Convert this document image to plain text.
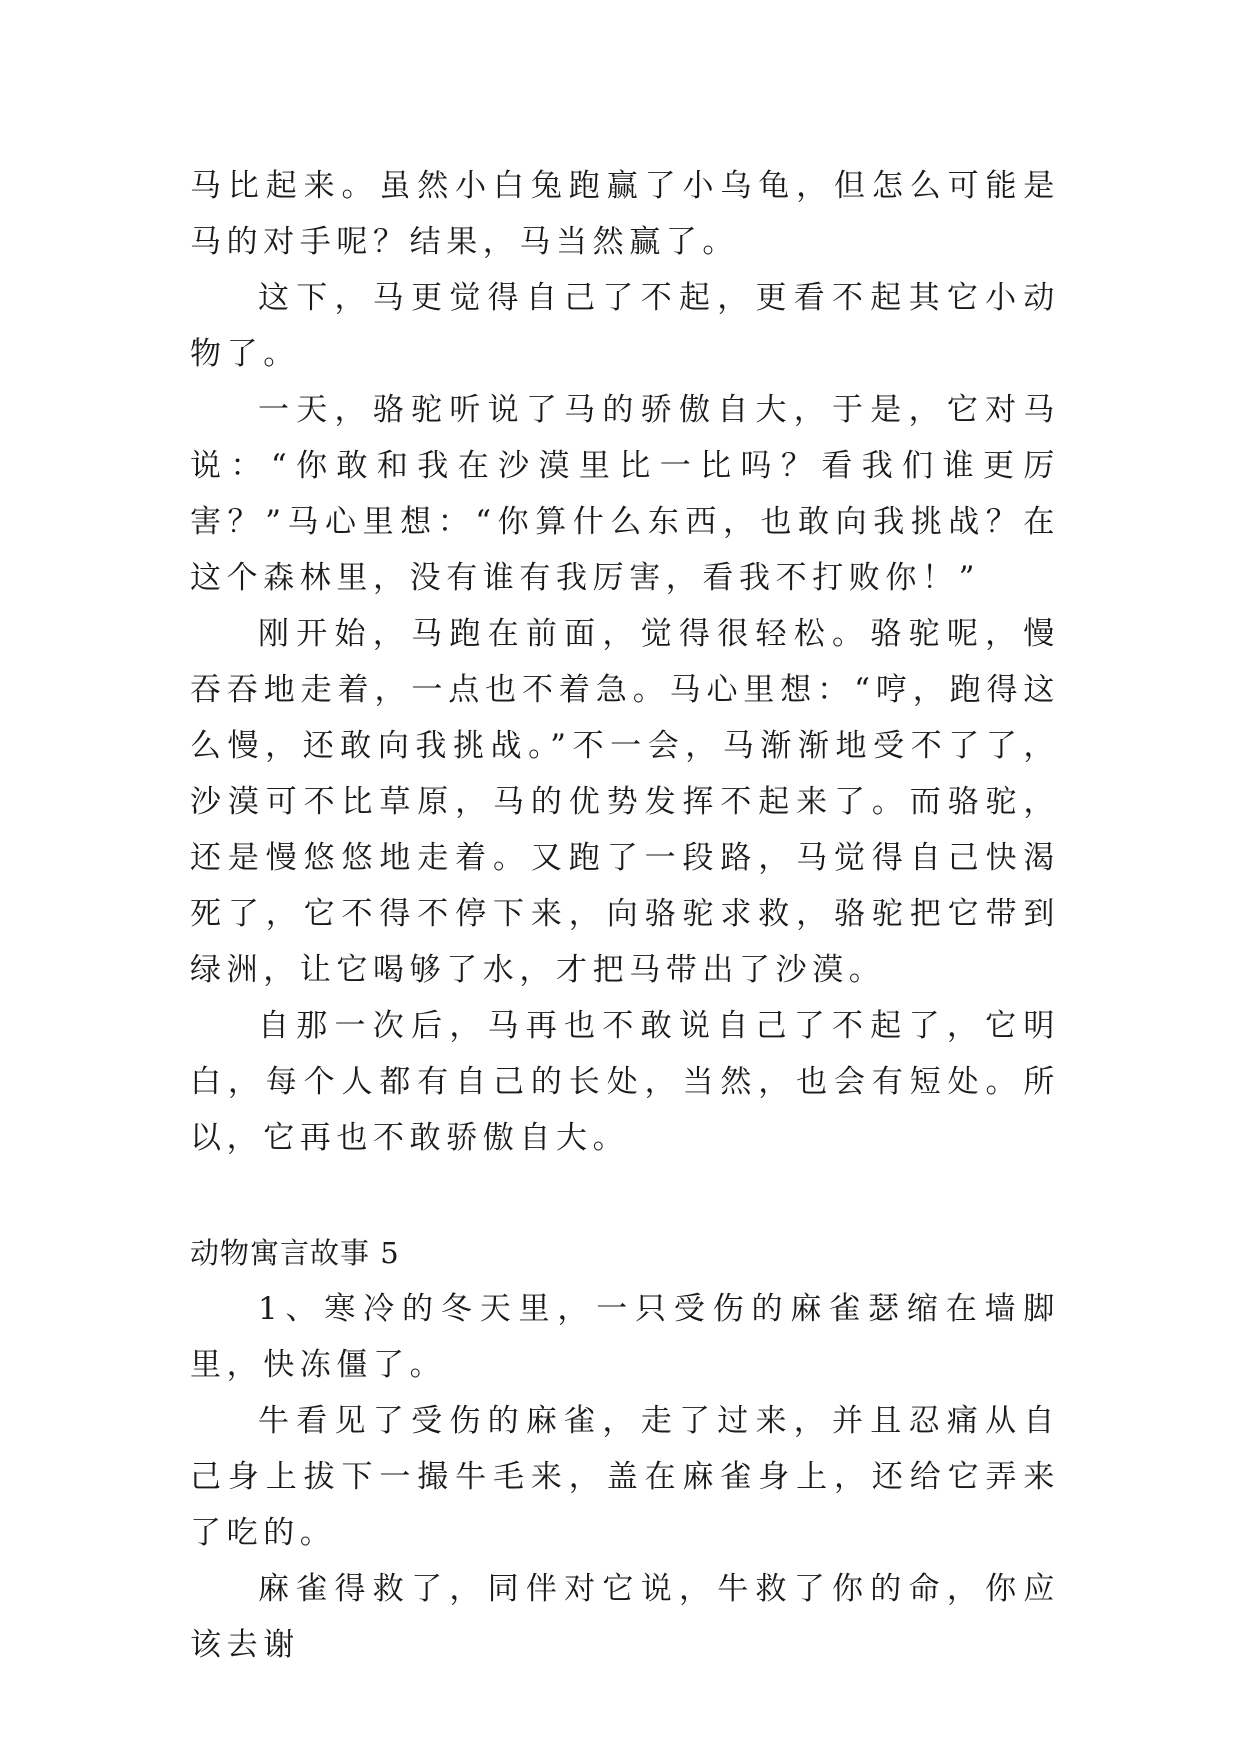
马比起来。虽然小白兔跑赢了小乌龟，但怎么可能是马的对手呢？结果，马当然赢了。

这下，马更觉得自己了不起，更看不起其它小动物了。

一天，骆驼听说了马的骄傲自大，于是，它对马说：“你敢和我在沙漠里比一比吗？看我们谁更厉害？”马心里想：“你算什么东西，也敢向我挑战？在这个森林里，没有谁有我厉害，看我不打败你！”

刚开始，马跑在前面，觉得很轻松。骆驼呢，慢吞吞地走着，一点也不着急。马心里想：“哼，跑得这么慢，还敢向我挑战。”不一会，马渐渐地受不了了，沙漠可不比草原，马的优势发挥不起来了。而骆驼，还是慢悠悠地走着。又跑了一段路，马觉得自己快渴死了，它不得不停下来，向骆驼求救，骆驼把它带到绿洲，让它喝够了水，才把马带出了沙漠。

自那一次后，马再也不敢说自己了不起了，它明白，每个人都有自己的长处，当然，也会有短处。所以，它再也不敢骄傲自大。

动物寓言故事 5

1、寒冷的冬天里，一只受伤的麻雀瑟缩在墙脚里，快冻僵了。

牛看见了受伤的麻雀，走了过来，并且忍痛从自己身上拔下一撮牛毛来，盖在麻雀身上，还给它弄来了吃的。

麻雀得救了，同伴对它说，牛救了你的命，你应该去谢
